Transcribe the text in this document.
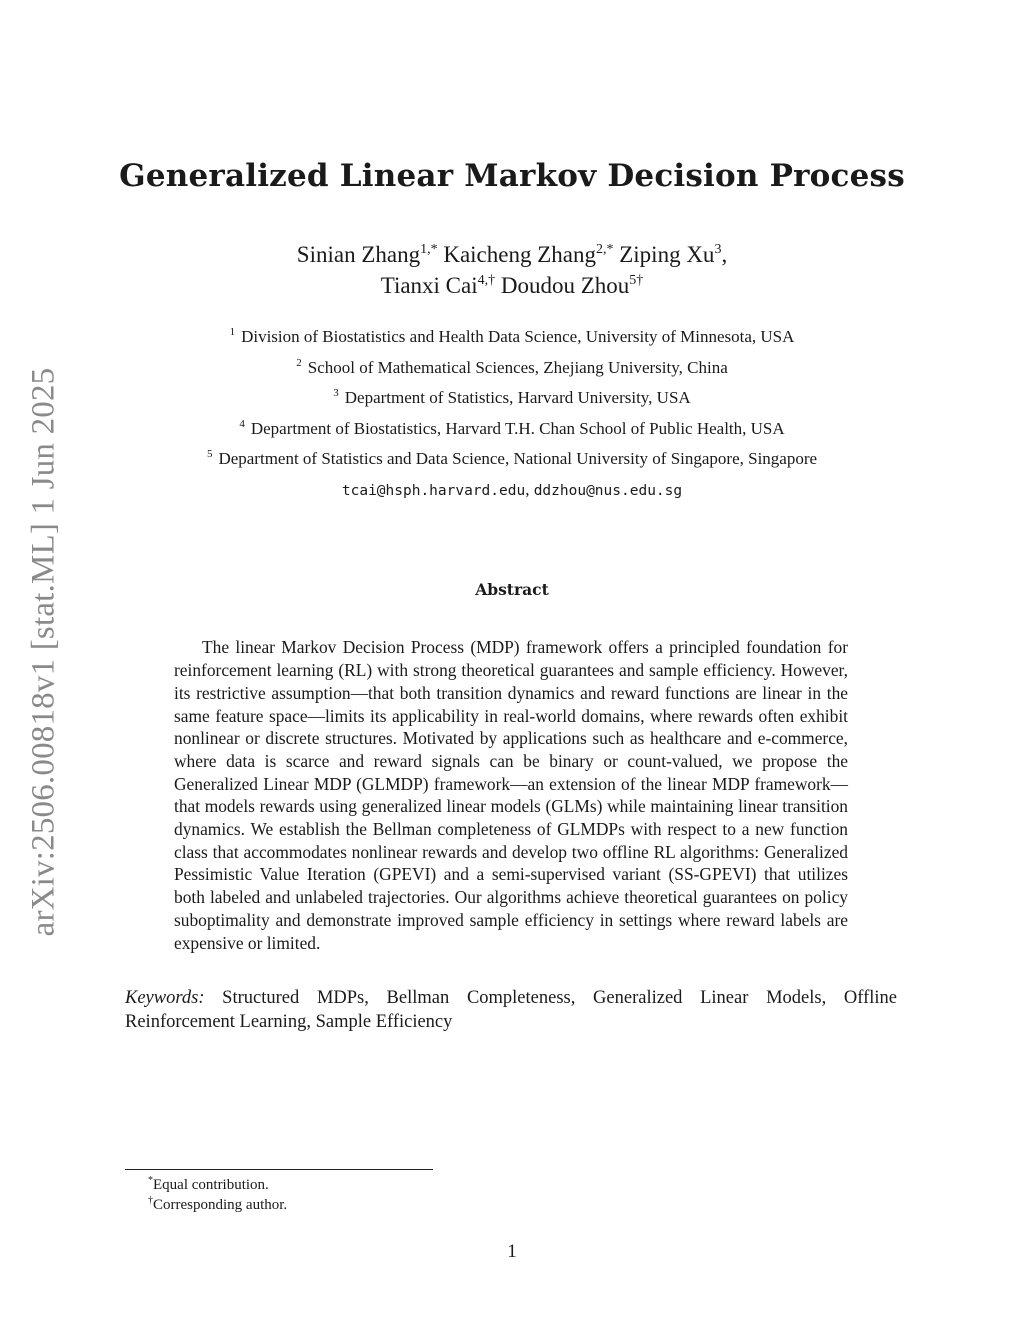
arXiv:2506.00818v1 [stat.ML] 1 Jun 2025
Generalized Linear Markov Decision Process
Sinian Zhang$^{1,*}$ Kaicheng Zhang$^{2,*}$ Ziping Xu$^3$,
Tianxi Cai$^{4,\dagger}$ Doudou Zhou$^{5\dagger}$
$^1$ Division of Biostatistics and Health Data Science, University of Minnesota, USA
$^2$ School of Mathematical Sciences, Zhejiang University, China
$^3$ Department of Statistics, Harvard University, USA
$^4$ Department of Biostatistics, Harvard T.H. Chan School of Public Health, USA
$^5$ Department of Statistics and Data Science, National University of Singapore, Singapore
tcai@hsph.harvard.edu, ddzhou@nus.edu.sg
Abstract

The linear Markov Decision Process (MDP) framework offers a principled foundation for reinforcement learning (RL) with strong theoretical guarantees and sample efficiency. However, its restrictive assumption—that both transition dynamics and reward functions are linear in the same feature space—limits its applicability in real-world domains, where rewards often exhibit nonlinear or discrete structures. Motivated by applications such as healthcare and e-commerce, where data is scarce and reward signals can be binary or count-valued, we propose the Generalized Linear MDP (GLMDP) framework—an extension of the linear MDP framework—that models rewards using generalized linear models (GLMs) while maintaining linear transition dynamics. We establish the Bellman completeness of GLMDPs with respect to a new function class that accommodates nonlinear rewards and develop two offline RL algorithms: Generalized Pessimistic Value Iteration (GPEVI) and a semi-supervised variant (SS-GPEVI) that utilizes both labeled and unlabeled trajectories. Our algorithms achieve theoretical guarantees on policy suboptimality and demonstrate improved sample efficiency in settings where reward labels are expensive or limited.

Keywords: Structured MDPs, Bellman Completeness, Generalized Linear Models, Offline Reinforcement Learning, Sample Efficiency
*Equal contribution.
†Corresponding author.
1
